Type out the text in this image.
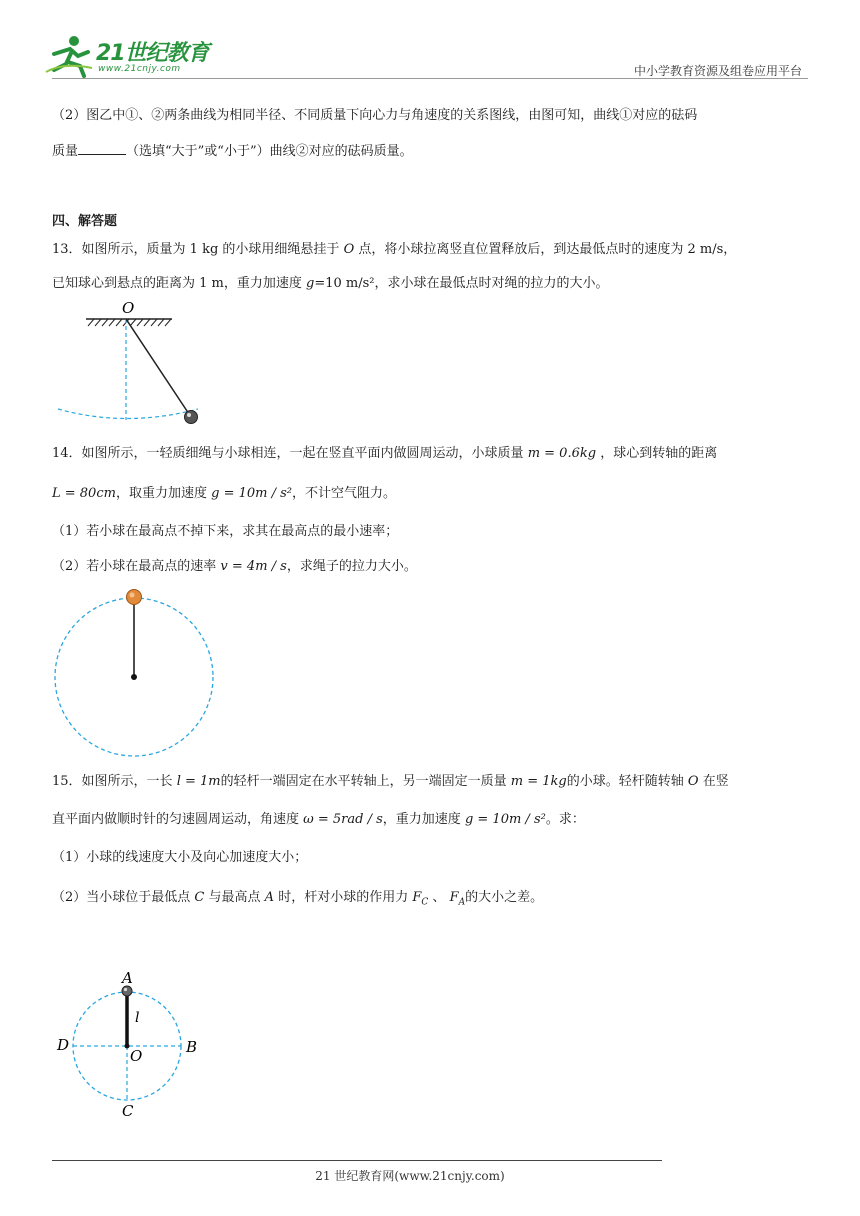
21世纪教育
www.21cnjy.com	中小学教育资源及组卷应用平台
（2）图乙中①、②两条曲线为相同半径、不同质量下向心力与角速度的关系图线，由图可知，曲线①对应的砝码
质量	（选填“大于”或“小于”）曲线②对应的砝码质量。
四、解答题
13．如图所示，质量为 1 kg 的小球用细绳悬挂于 O 点，将小球拉离竖直位置释放后，到达最低点时的速度为 2 m/s，
已知球心到悬点的距离为 1 m，重力加速度 g=10 m/s²，求小球在最低点时对绳的拉力的大小。
O
14．如图所示，一轻质细绳与小球相连，一起在竖直平面内做圆周运动，小球质量 m = 0.6kg ，球心到转轴的距离
L = 80cm，取重力加速度 g = 10m / s²，不计空气阻力。
（1）若小球在最高点不掉下来，求其在最高点的最小速率；
（2）若小球在最高点的速率 v = 4m / s，求绳子的拉力大小。
15．如图所示，一长 l = 1m的轻杆一端固定在水平转轴上，另一端固定一质量 m = 1kg的小球。轻杆随转轴 O 在竖
直平面内做顺时针的匀速圆周运动，角速度 ω = 5rad / s，重力加速度 g = 10m / s²。求：
（1）小球的线速度大小及向心加速度大小；
（2）当小球位于最低点 C 与最高点 A 时，杆对小球的作用力 $F_C$ 、 $F_A$的大小之差。
A
B
C
D
O
l
21 世纪教育网(www.21cnjy.com)
